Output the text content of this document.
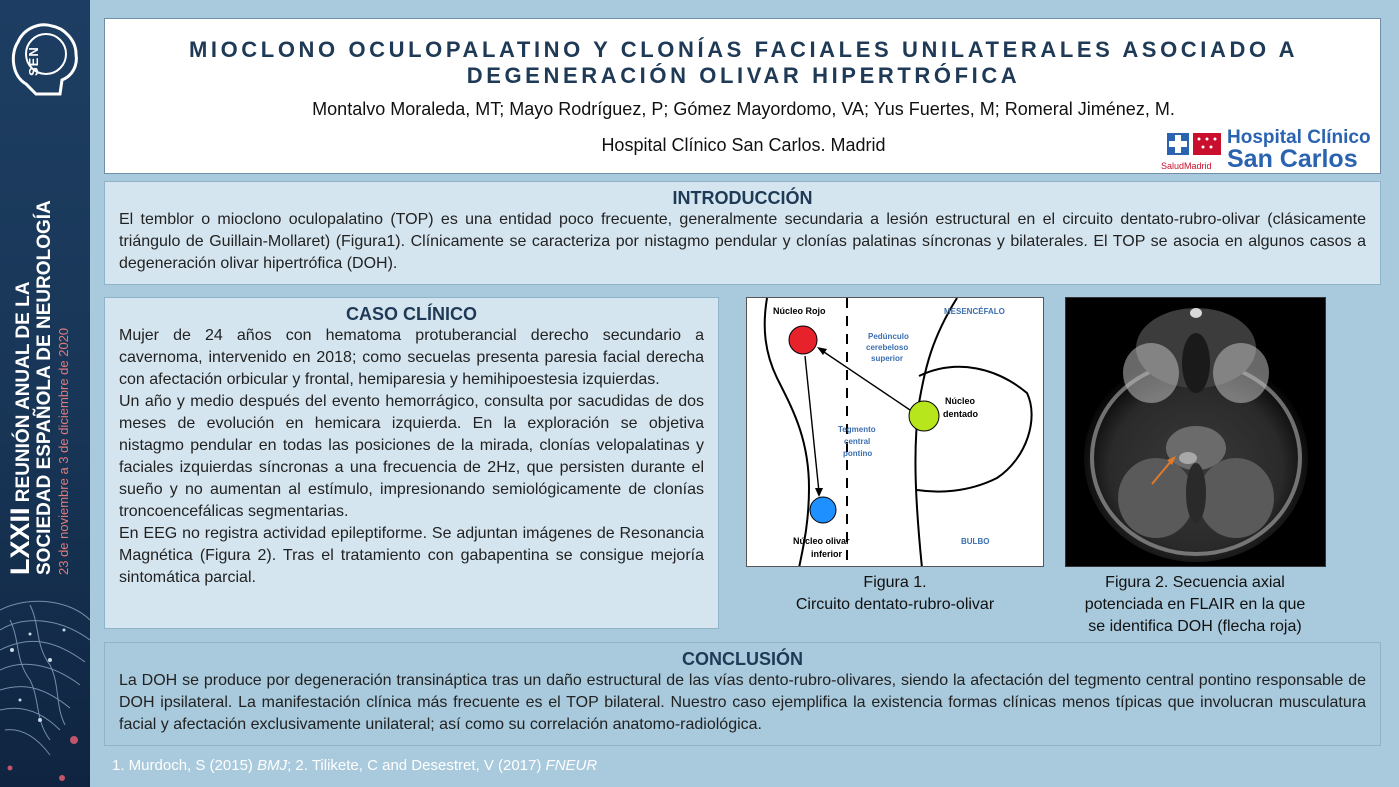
SEN
LXXII REUNIÓN ANUAL DE LA SOCIEDAD ESPAÑOLA DE NEUROLOGÍA 23 de noviembre a 3 de diciembre de 2020
MIOCLONO OCULOPALATINO Y CLONÍAS FACIALES UNILATERALES ASOCIADO A
DEGENERACIÓN OLIVAR HIPERTRÓFICA
Montalvo Moraleda, MT; Mayo Rodríguez, P; Gómez Mayordomo, VA; Yus Fuertes, M; Romeral Jiménez, M.
Hospital Clínico San Carlos. Madrid	Hospital Clínico
San Carlos
SaludMadrid
INTRODUCCIÓN
El temblor o mioclono oculopalatino (TOP) es una entidad poco frecuente, generalmente secundaria a lesión estructural en el circuito dentato-rubro-olivar (clásicamente triángulo de Guillain-Mollaret) (Figura1). Clínicamente se caracteriza por nistagmo pendular y clonías palatinas síncronas y bilaterales. El TOP se asocia en algunos casos a degeneración olivar hipertrófica (DOH).
CASO CLÍNICO
Mujer de 24 años con hematoma protuberancial derecho secundario a cavernoma, intervenido en 2018; como secuelas presenta paresia facial derecha con afectación orbicular y frontal, hemiparesia y hemihipoestesia izquierdas.
Un año y medio después del evento hemorrágico, consulta por sacudidas de dos meses de evolución en hemicara izquierda. En la exploración se objetiva nistagmo pendular en todas las posiciones de la mirada, clonías velopalatinas y faciales izquierdas síncronas a una frecuencia de 2Hz, que persisten durante el sueño y no aumentan al estímulo, impresionando semiológicamente de clonías troncoencefálicas segmentarias.
En EEG no registra actividad epileptiforme. Se adjuntan imágenes de Resonancia Magnética (Figura 2). Tras el tratamiento con gabapentina se consigue mejoría sintomática parcial.
Núcleo Rojo	MESENCÉFALO
Pedúnculo
cerebeloso
superior
Núcleo
dentado
Tegmento
central
pontino
Núcleo olivar
inferior
BULBO
Figura 1.
Circuito dentato-rubro-olivar
Figura 2. Secuencia axial
potenciada en FLAIR en la que
se identifica DOH (flecha roja)
CONCLUSIÓN
La DOH se produce por degeneración transináptica tras un daño estructural de las vías dento-rubro-olivares, siendo la afectación del tegmento central pontino responsable de DOH ipsilateral. La manifestación clínica más frecuente es el TOP bilateral. Nuestro caso ejemplifica la existencia formas clínicas menos típicas que involucran musculatura facial y afectación exclusivamente unilateral; así como su correlación anatomo-radiológica.
1. Murdoch, S (2015) BMJ; 2. Tilikete, C and Desestret, V (2017) FNEUR
